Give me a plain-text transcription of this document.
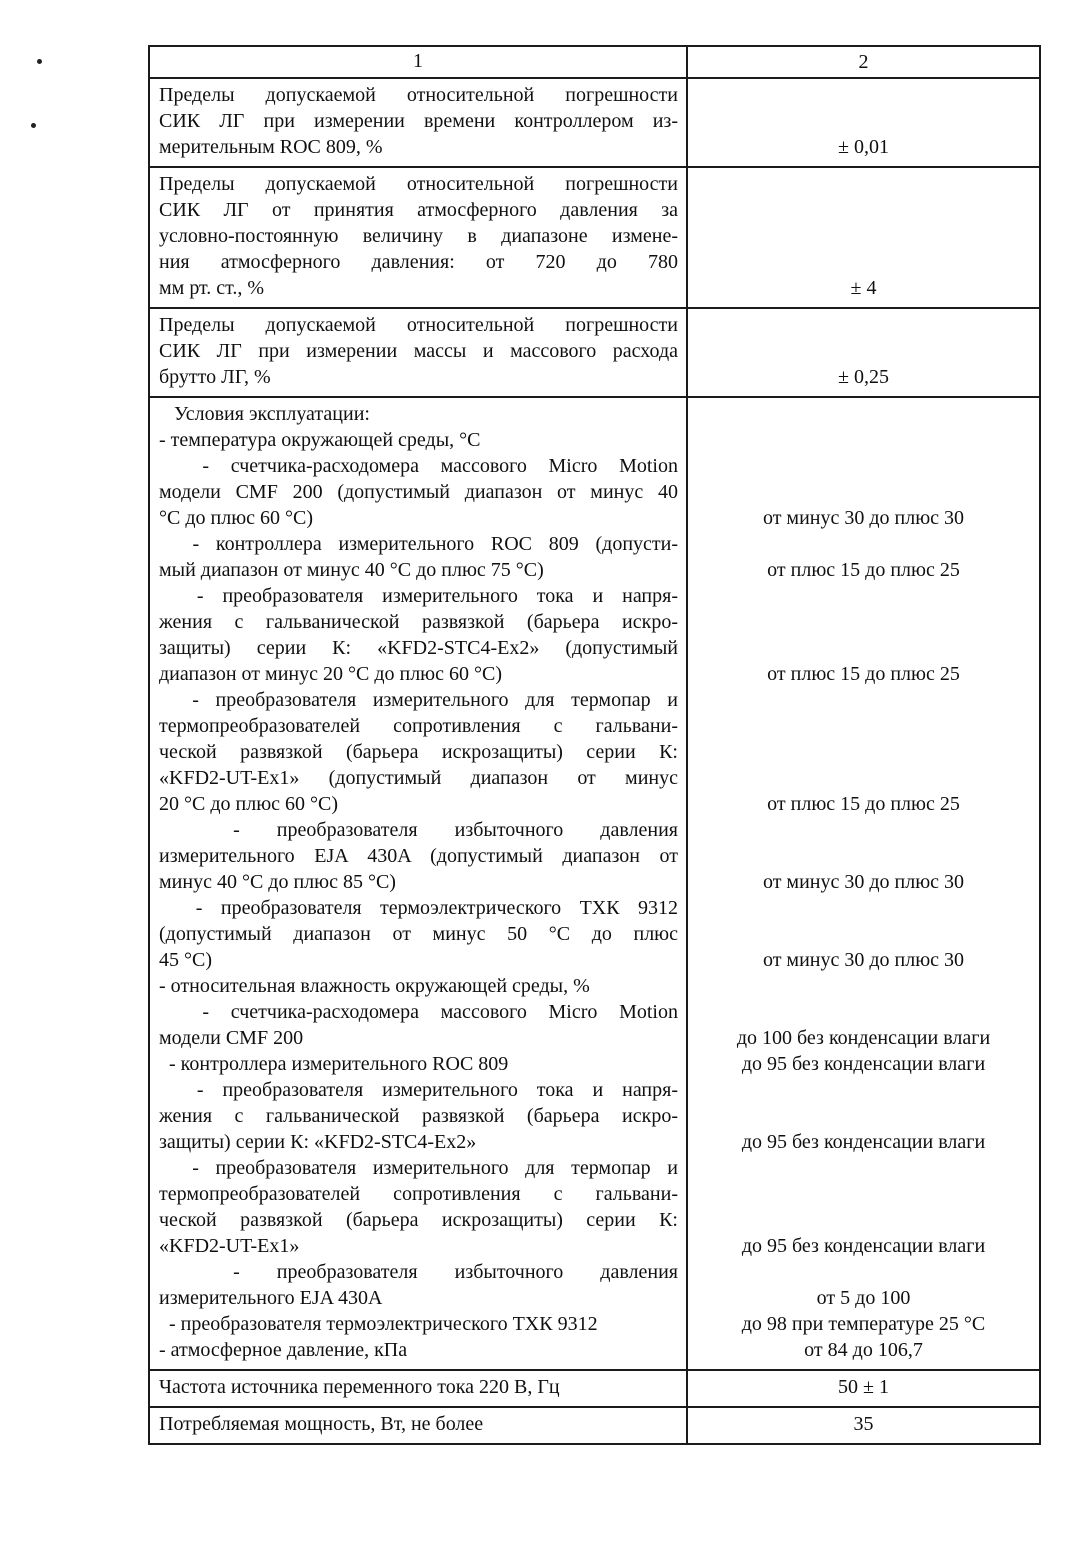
1	2
Пределы допускаемой относительной погрешности
СИК ЛГ при измерении времени контроллером из-
мерительным ROC 809, %	± 0,01
Пределы допускаемой относительной погрешности
СИК ЛГ от принятия атмосферного давления за
условно-постоянную величину в диапазоне измене-
ния атмосферного давления: от 720 до 780
мм рт. ст., %	± 4
Пределы допускаемой относительной погрешности
СИК ЛГ при измерении массы и массового расхода
брутто ЛГ, %	± 0,25
Условия эксплуатации:
- температура окружающей среды, °С
- счетчика-расходомера массового Micro Motion
модели CMF 200 (допустимый диапазон от минус 40
°С до плюс 60 °С)	от минус 30 до плюс 30
- контроллера измерительного ROC 809 (допусти-
мый диапазон от минус 40 °С до плюс 75 °С)	от плюс 15 до плюс 25
- преобразователя измерительного тока и напря-
жения с гальванической развязкой (барьера искро-
защиты) серии К: «KFD2-STC4-Ex2» (допустимый
диапазон от минус 20 °С до плюс 60 °С)	от плюс 15 до плюс 25
- преобразователя измерительного для термопар и
термопреобразователей сопротивления с гальвани-
ческой развязкой (барьера искрозащиты) серии К:
«KFD2-UT-Ex1» (допустимый диапазон от минус
20 °С до плюс 60 °С)	от плюс 15 до плюс 25
- преобразователя избыточного давления
измерительного EJA 430A (допустимый диапазон от
минус 40 °С до плюс 85 °С)	от минус 30 до плюс 30
- преобразователя термоэлектрического ТХК 9312
(допустимый диапазон от минус 50 °С до плюс
45 °С)	от минус 30 до плюс 30
- относительная влажность окружающей среды, %
- счетчика-расходомера массового Micro Motion
модели CMF 200	до 100 без конденсации влаги
- контроллера измерительного ROC 809	до 95 без конденсации влаги
- преобразователя измерительного тока и напря-
жения с гальванической развязкой (барьера искро-
защиты) серии К: «KFD2-STC4-Ex2»	до 95 без конденсации влаги
- преобразователя измерительного для термопар и
термопреобразователей сопротивления с гальвани-
ческой развязкой (барьера искрозащиты) серии К:
«KFD2-UT-Ex1»	до 95 без конденсации влаги
- преобразователя избыточного давления
измерительного EJA 430A	от 5 до 100
- преобразователя термоэлектрического ТХК 9312	до 98 при температуре 25 °С
- атмосферное давление, кПа	от 84 до 106,7
Частота источника переменного тока 220 В, Гц	50 ± 1
Потребляемая мощность, Вт, не более	35
